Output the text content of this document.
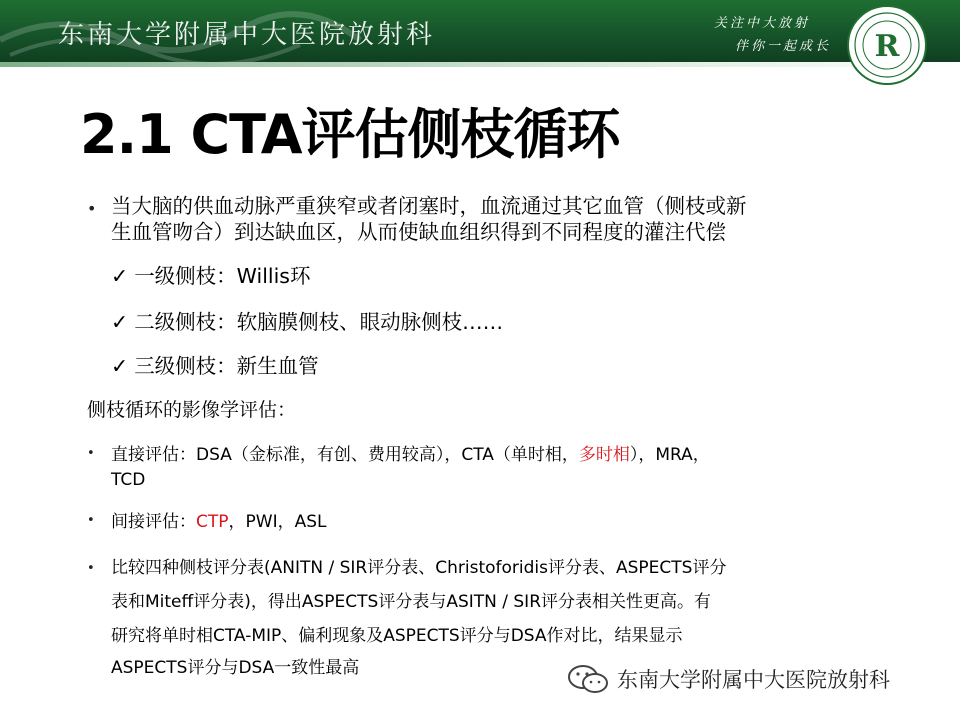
东南大学附属中大医院放射科	关注中大放射
伴你一起成长 R
2.1 CTA评估侧枝循环
• 当大脑的供血动脉严重狭窄或者闭塞时，血流通过其它血管（侧枝或新
生血管吻合）到达缺血区，从而使缺血组织得到不同程度的灌注代偿
✓ 一级侧枝：Willis环
✓ 二级侧枝：软脑膜侧枝、眼动脉侧枝……
✓ 三级侧枝：新生血管
侧枝循环的影像学评估：
• 直接评估：DSA（金标准，有创、费用较高），CTA（单时相，多时相），MRA，
TCD
• 间接评估：CTP，PWI，ASL
• 比较四种侧枝评分表(ANITN / SIR评分表、Christoforidis评分表、ASPECTS评分
表和Miteff评分表)，得出ASPECTS评分表与ASITN / SIR评分表相关性更高。有
研究将单时相CTA-MIP、偏利现象及ASPECTS评分与DSA作对比，结果显示
ASPECTS评分与DSA一致性最高	东南大学附属中大医院放射科
